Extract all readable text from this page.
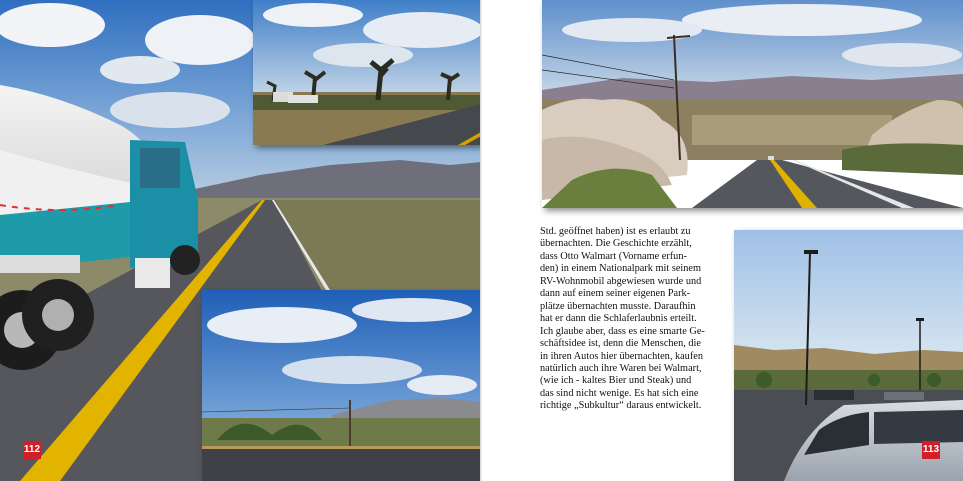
112	113
Std. geöffnet haben) ist es erlaubt zu
übernachten. Die Geschichte erzählt,
dass Otto Walmart (Vorname erfun-
den) in einem Nationalpark mit seinem
RV-Wohnmobil abgewiesen wurde und
dann auf einem seiner eigenen Park-
plätze übernachten musste. Daraufhin
hat er dann die Schlaferlaubnis erteilt.
Ich glaube aber, dass es eine smarte Ge-
schäftsidee ist, denn die Menschen, die
in ihren Autos hier übernachten, kaufen
natürlich auch ihre Waren bei Walmart,
(wie ich - kaltes Bier und Steak) und
das sind nicht wenige. Es hat sich eine
richtige „Subkultur“ daraus entwickelt.
